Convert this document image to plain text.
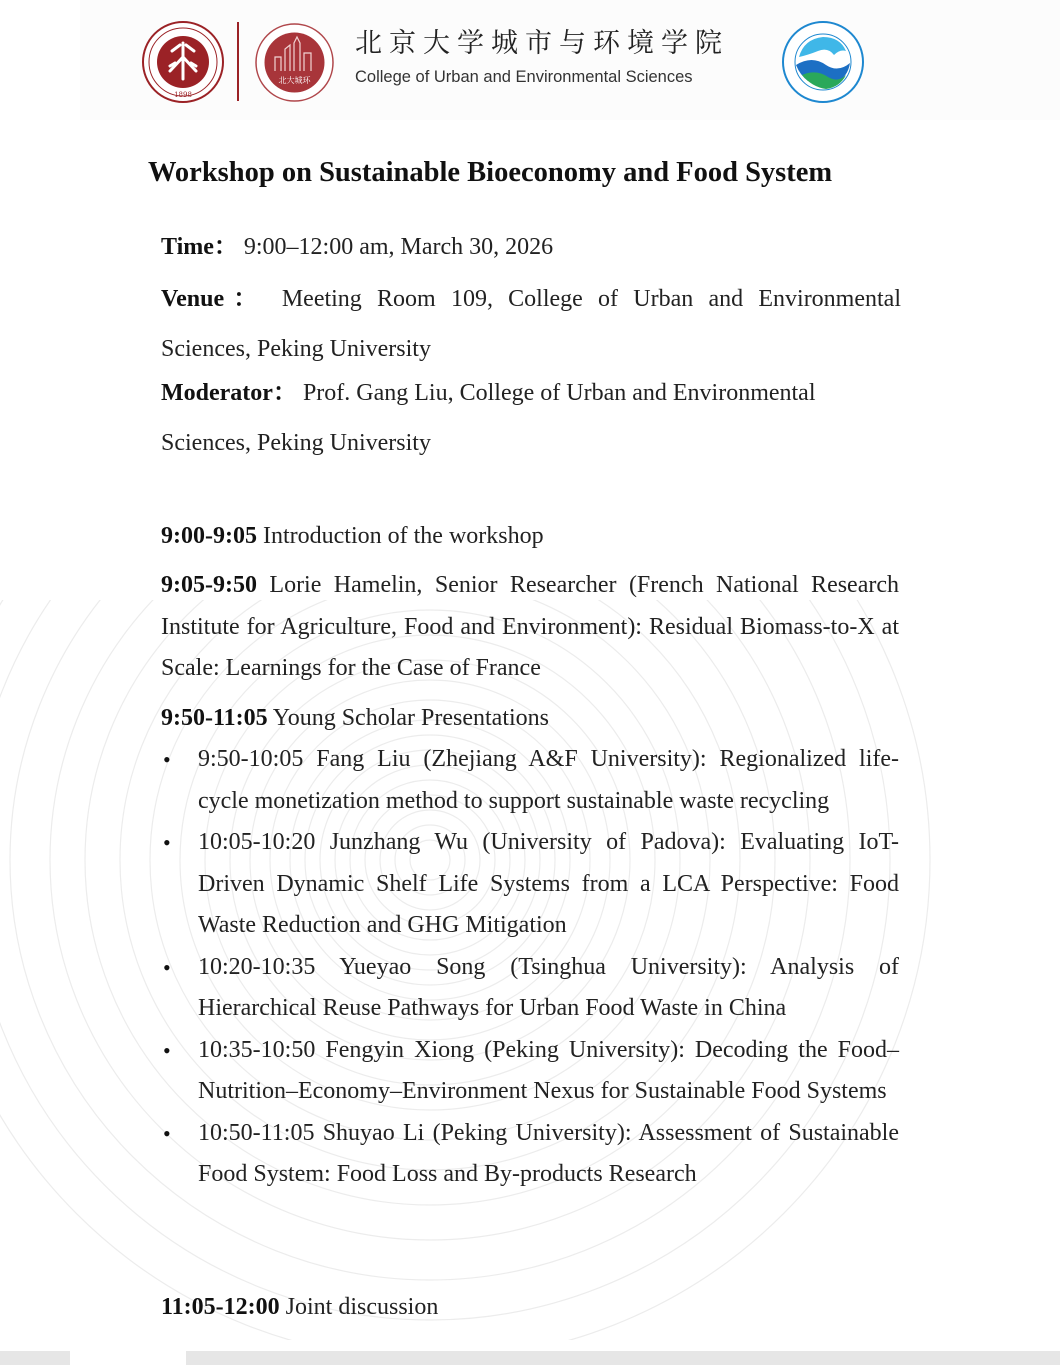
1898
北大城环
北京大学城市与环境学院
College of Urban and Environmental Sciences
Workshop on Sustainable Bioeconomy and Food System

Time： 9:00–12:00 am, March 30, 2026

Venue： Meeting Room 109, College of Urban and Environmental Sciences, Peking University

Moderator： Prof. Gang Liu, College of Urban and Environmental Sciences, Peking University

9:00-9:05 Introduction of the workshop

9:05-9:50 Lorie Hamelin, Senior Researcher (French National Research Institute for Agriculture, Food and Environment): Residual Biomass-to-X at Scale: Learnings for the Case of France

9:50-11:05 Young Scholar Presentations

• 9:50-10:05 Fang Liu (Zhejiang A&F University): Regionalized life-cycle monetization method to support sustainable waste recycling
• 10:05-10:20 Junzhang Wu (University of Padova): Evaluating IoT-Driven Dynamic Shelf Life Systems from a LCA Perspective: Food Waste Reduction and GHG Mitigation
• 10:20-10:35 Yueyao Song (Tsinghua University): Analysis of Hierarchical Reuse Pathways for Urban Food Waste in China
• 10:35-10:50 Fengyin Xiong (Peking University): Decoding the Food–Nutrition–Economy–Environment Nexus for Sustainable Food Systems
• 10:50-11:05 Shuyao Li (Peking University): Assessment of Sustainable Food System: Food Loss and By-products Research

11:05-12:00 Joint discussion
